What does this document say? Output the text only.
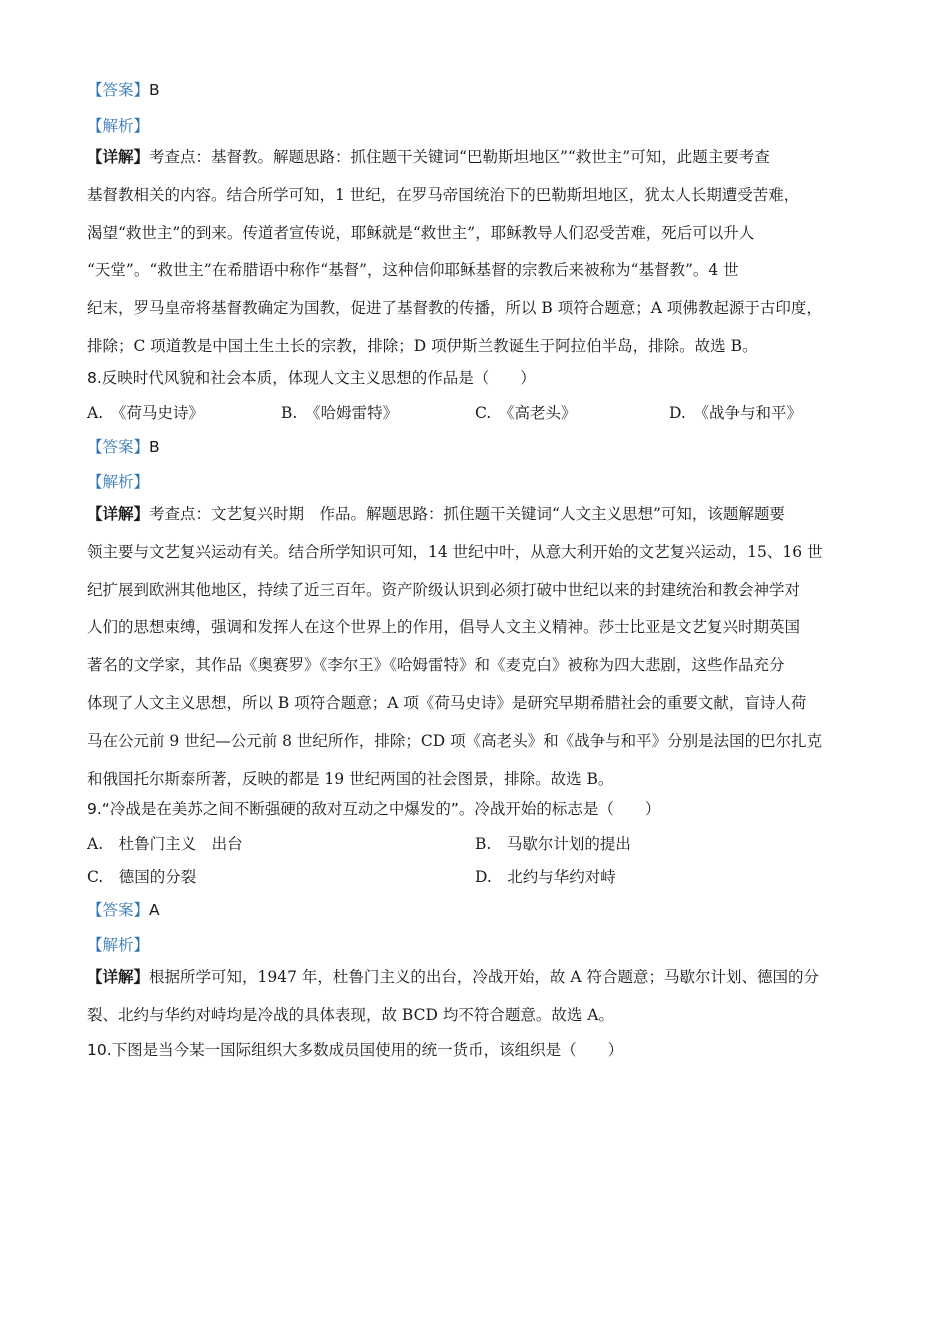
【答案】B
【解析】
【详解】考查点：基督教。解题思路：抓住题干关键词“巴勒斯坦地区”“救世主”可知，此题主要考查
基督教相关的内容。结合所学可知，1 世纪，在罗马帝国统治下的巴勒斯坦地区，犹太人长期遭受苦难，
渴望“救世主”的到来。传道者宣传说，耶稣就是“救世主”，耶稣教导人们忍受苦难，死后可以升人
“天堂”。“救世主”在希腊语中称作“基督”，这种信仰耶稣基督的宗教后来被称为“基督教”。4 世
纪末，罗马皇帝将基督教确定为国教，促进了基督教的传播，所以 B 项符合题意；A 项佛教起源于古印度，
排除；C 项道教是中国土生土长的宗教，排除；D 项伊斯兰教诞生于阿拉伯半岛，排除。故选 B。
8.反映时代风貌和社会本质，体现人文主义思想的作品是（　　）
A.　《荷马史诗》	B.　《哈姆雷特》	C.　《高老头》	D.　《战争与和平》
【答案】B
【解析】
【详解】考查点：文艺复兴时期　作品。解题思路：抓住题干关键词“人文主义思想”可知，该题解题要
领主要与文艺复兴运动有关。结合所学知识可知，14 世纪中叶，从意大利开始的文艺复兴运动，15、16 世
纪扩展到欧洲其他地区，持续了近三百年。资产阶级认识到必须打破中世纪以来的封建统治和教会神学对
人们的思想束缚，强调和发挥人在这个世界上的作用，倡导人文主义精神。莎士比亚是文艺复兴时期英国
著名的文学家，其作品《奥赛罗》《李尔王》《哈姆雷特》和《麦克白》被称为四大悲剧，这些作品充分
体现了人文主义思想，所以 B 项符合题意；A 项《荷马史诗》是研究早期希腊社会的重要文献，盲诗人荷
马在公元前 9 世纪—公元前 8 世纪所作，排除；CD 项《高老头》和《战争与和平》分别是法国的巴尔扎克
和俄国托尔斯泰所著，反映的都是 19 世纪两国的社会图景，排除。故选 B。
9.“冷战是在美苏之间不断强硬的敌对互动之中爆发的”。冷战开始的标志是（　　）
A.　杜鲁门主义　出台	B.　马歇尔计划的提出
C.　德国的分裂	D.　北约与华约对峙
【答案】A
【解析】
【详解】根据所学可知，1947 年，杜鲁门主义的出台，冷战开始，故 A 符合题意；马歇尔计划、德国的分
裂、北约与华约对峙均是冷战的具体表现，故 BCD 均不符合题意。故选 A。
10.下图是当今某一国际组织大多数成员国使用的统一货币，该组织是（　　）
